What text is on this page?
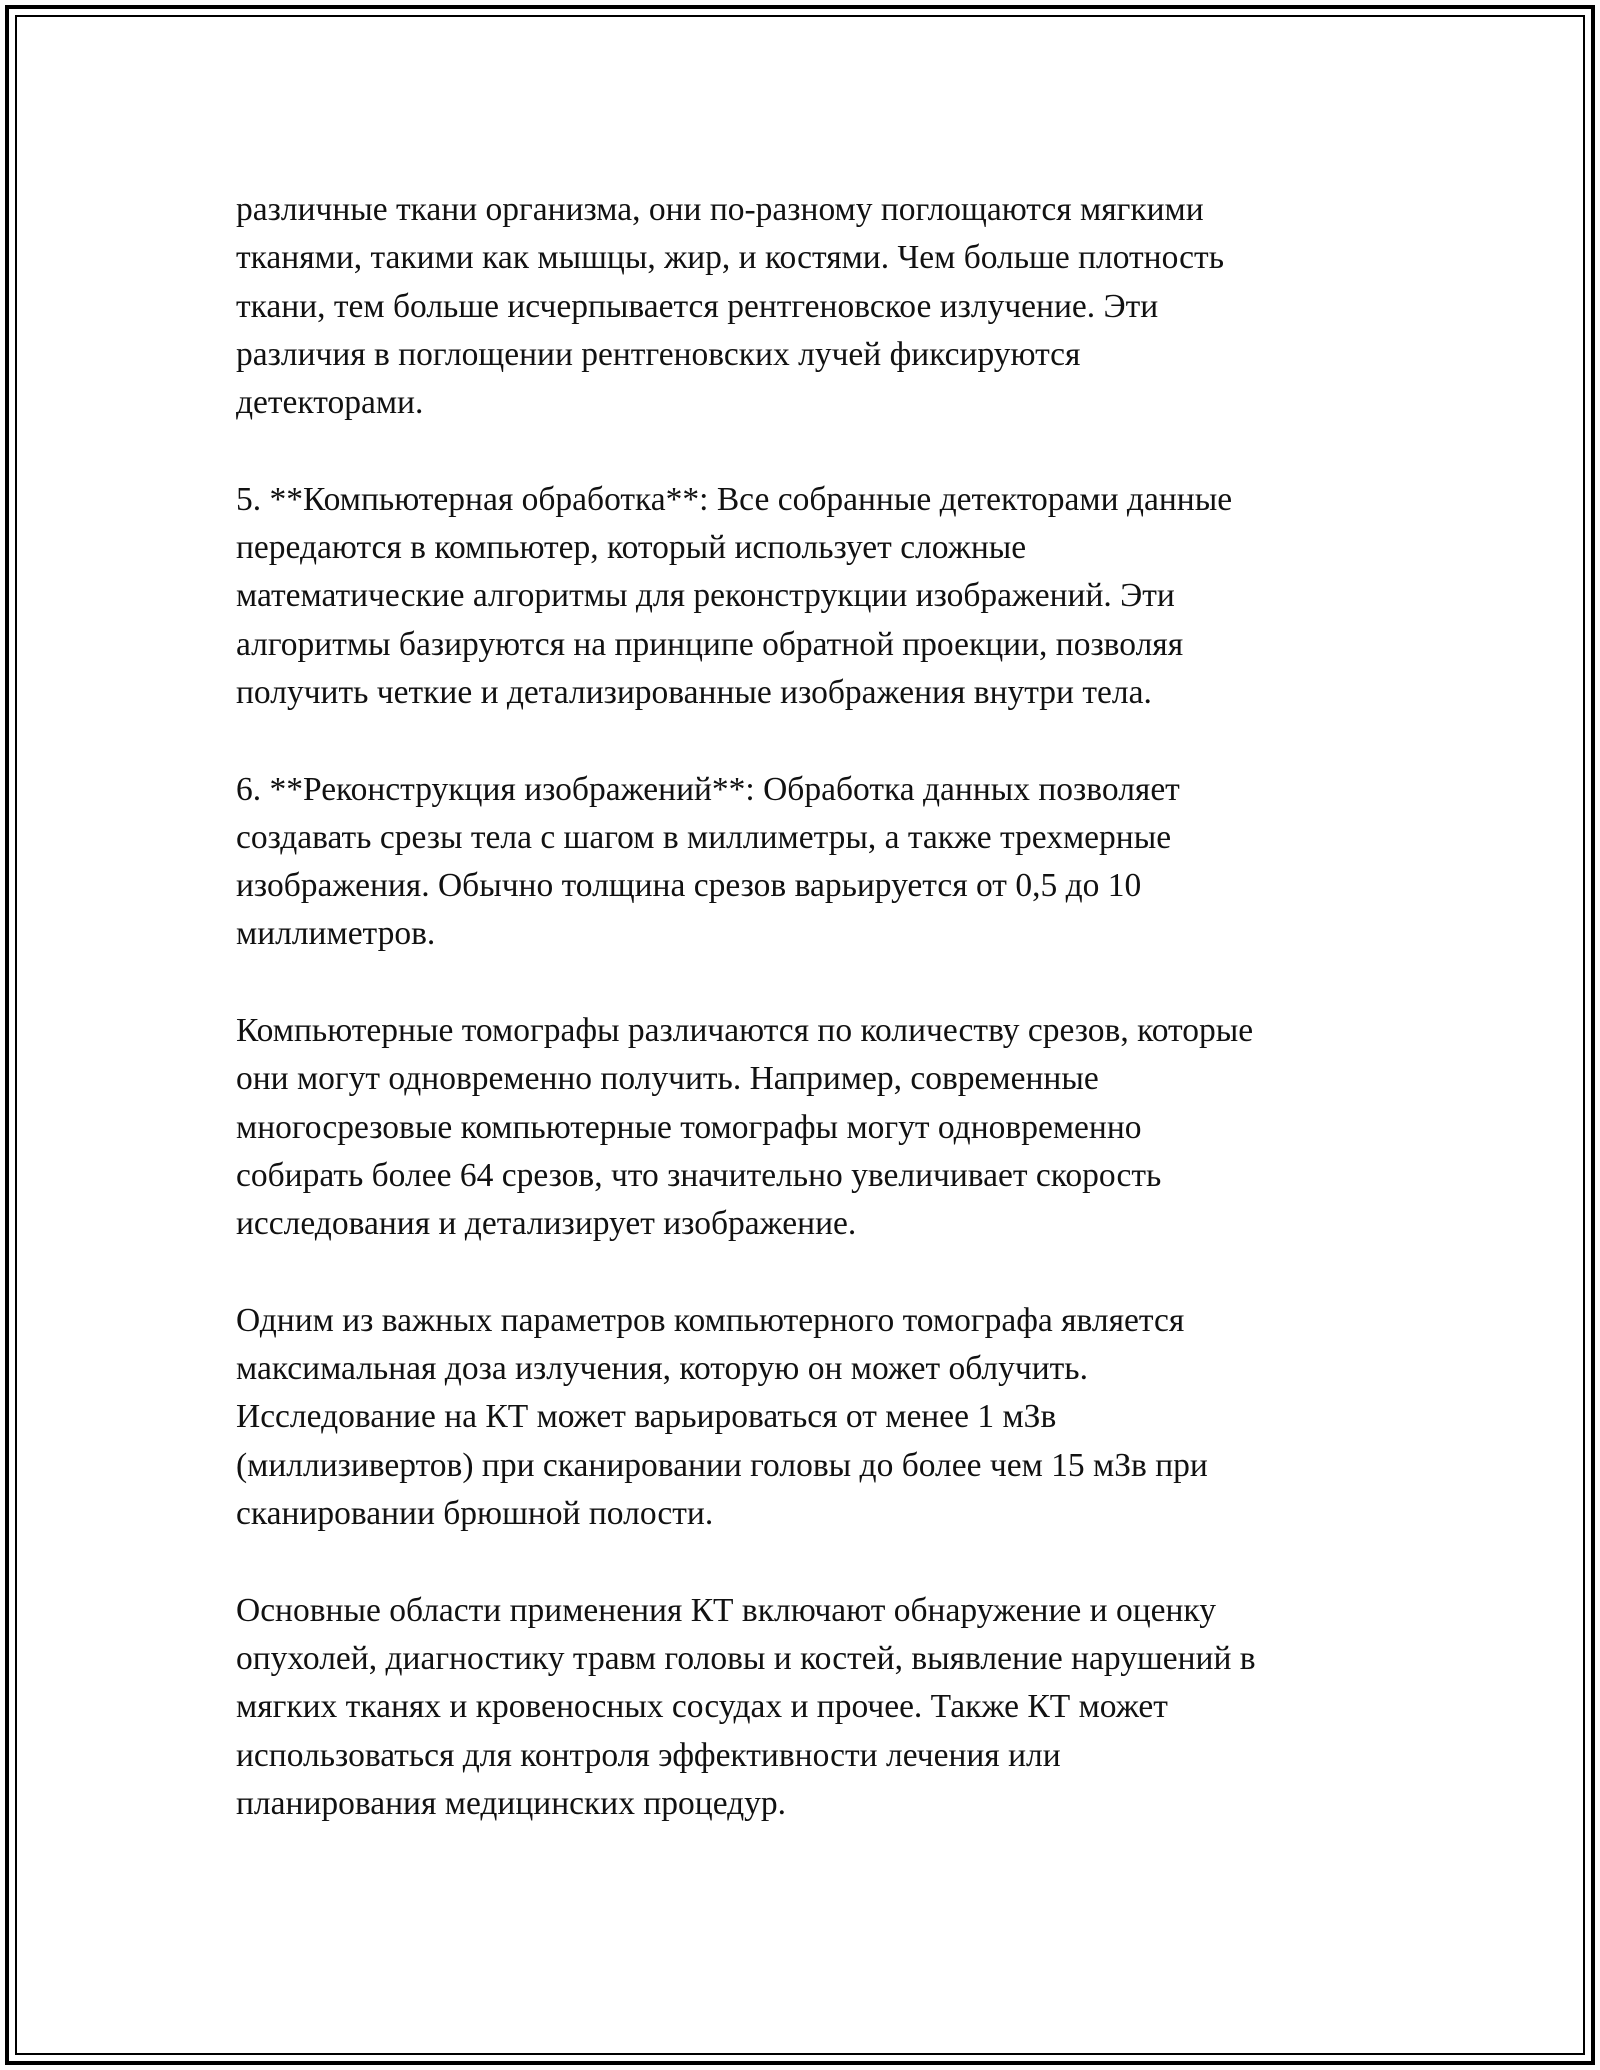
различные ткани организма, они по-разному поглощаются мягкими
тканями, такими как мышцы, жир, и костями. Чем больше плотность
ткани, тем больше исчерпывается рентгеновское излучение. Эти
различия в поглощении рентгеновских лучей фиксируются
детекторами.
5. **Компьютерная обработка**: Все собранные детекторами данные
передаются в компьютер, который использует сложные
математические алгоритмы для реконструкции изображений. Эти
алгоритмы базируются на принципе обратной проекции, позволяя
получить четкие и детализированные изображения внутри тела.
6. **Реконструкция изображений**: Обработка данных позволяет
создавать срезы тела с шагом в миллиметры, а также трехмерные
изображения. Обычно толщина срезов варьируется от 0,5 до 10
миллиметров.
Компьютерные томографы различаются по количеству срезов, которые
они могут одновременно получить. Например, современные
многосрезовые компьютерные томографы могут одновременно
собирать более 64 срезов, что значительно увеличивает скорость
исследования и детализирует изображение.
Одним из важных параметров компьютерного томографа является
максимальная доза излучения, которую он может облучить.
Исследование на КТ может варьироваться от менее 1 мЗв
(миллизивертов) при сканировании головы до более чем 15 мЗв при
сканировании брюшной полости.
Основные области применения КТ включают обнаружение и оценку
опухолей, диагностику травм головы и костей, выявление нарушений в
мягких тканях и кровеносных сосудах и прочее. Также КТ может
использоваться для контроля эффективности лечения или
планирования медицинских процедур.
